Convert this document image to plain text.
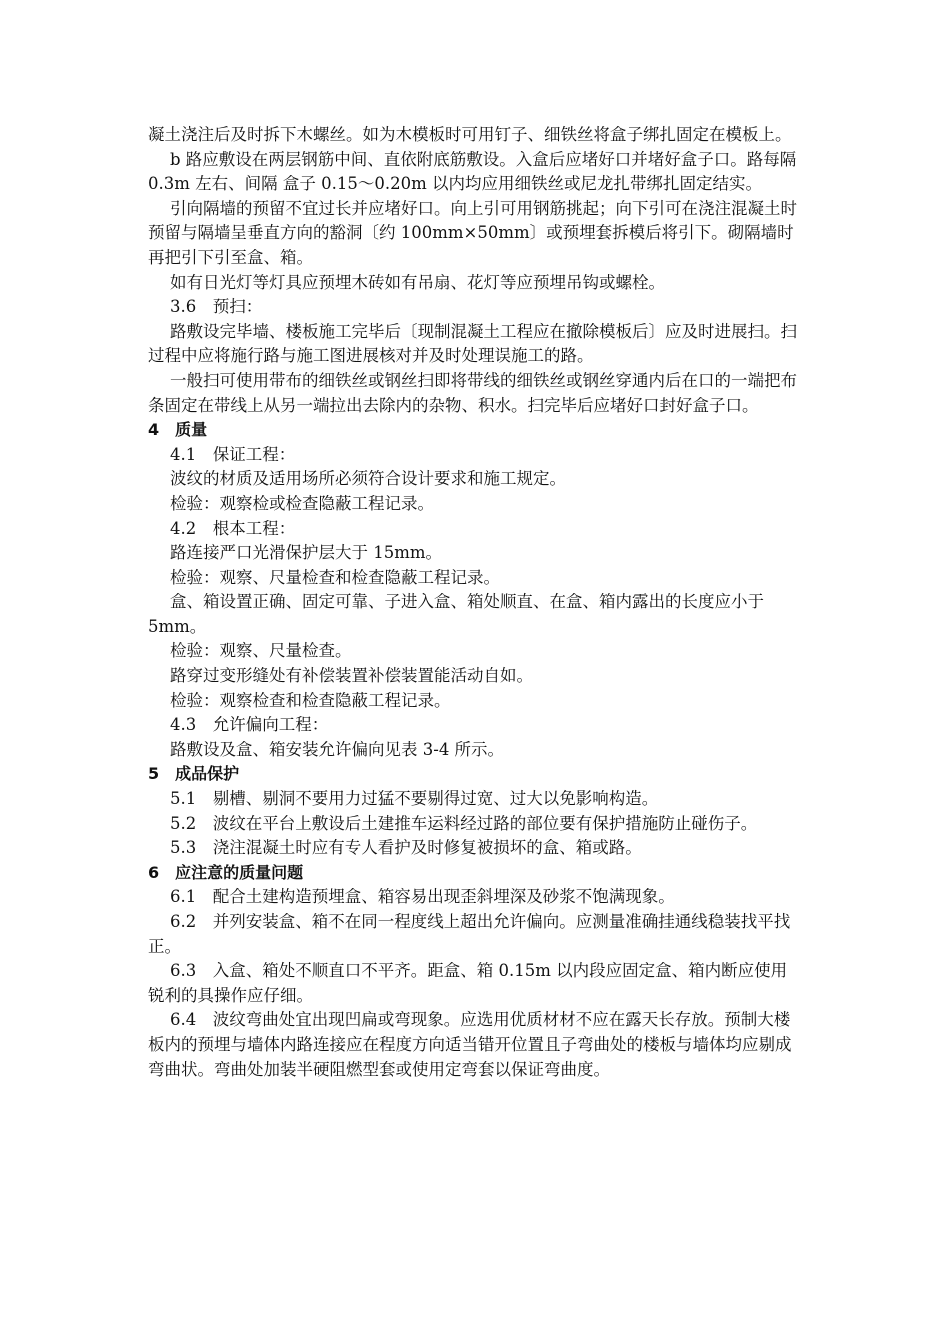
凝土浇注后及时拆下木螺丝。如为木模板时可用钉子、细铁丝将盒子绑扎固定在模板上。

b 路应敷设在两层钢筋中间、直依附底筋敷设。入盒后应堵好口并堵好盒子口。路每隔 0.3m 左右、间隔 盒子 0.15～0.20m 以内均应用细铁丝或尼龙扎带绑扎固定结实。

引向隔墙的预留不宜过长并应堵好口。向上引可用钢筋挑起；向下引可在浇注混凝土时预留与隔墙呈垂直方向的豁洞〔约 100mm×50mm〕或预埋套拆模后将引下。砌隔墙时再把引下引至盒、箱。

如有日光灯等灯具应预埋木砖如有吊扇、花灯等应预埋吊钩或螺栓。

3.6　预扫：

路敷设完毕墙、楼板施工完毕后〔现制混凝土工程应在撤除模板后〕应及时进展扫。扫过程中应将施行路与施工图进展核对并及时处理误施工的路。

一般扫可使用带布的细铁丝或钢丝扫即将带线的细铁丝或钢丝穿通内后在口的一端把布条固定在带线上从另一端拉出去除内的杂物、积水。扫完毕后应堵好口封好盒子口。

4　质量

4.1　保证工程：

波纹的材质及适用场所必须符合设计要求和施工规定。

检验：观察检或检查隐蔽工程记录。

4.2　根本工程：

路连接严口光滑保护层大于 15mm。

检验：观察、尺量检查和检查隐蔽工程记录。

盒、箱设置正确、固定可靠、子进入盒、箱处顺直、在盒、箱内露出的长度应小于 5mm。

检验：观察、尺量检查。

路穿过变形缝处有补偿装置补偿装置能活动自如。

检验：观察检查和检查隐蔽工程记录。

4.3　允许偏向工程：

路敷设及盒、箱安装允许偏向见表 3-4 所示。

5　成品保护

5.1　剔槽、剔洞不要用力过猛不要剔得过宽、过大以免影响构造。

5.2　波纹在平台上敷设后土建推车运料经过路的部位要有保护措施防止碰伤子。

5.3　浇注混凝土时应有专人看护及时修复被损坏的盒、箱或路。

6　应注意的质量问题

6.1　配合土建构造预埋盒、箱容易出现歪斜埋深及砂浆不饱满现象。

6.2　并列安装盒、箱不在同一程度线上超出允许偏向。应测量准确挂通线稳装找平找正。

6.3　入盒、箱处不顺直口不平齐。距盒、箱 0.15m 以内段应固定盒、箱内断应使用锐利的具操作应仔细。

6.4　波纹弯曲处宜出现凹扁或弯现象。应选用优质材材不应在露天长存放。预制大楼板内的预埋与墙体内路连接应在程度方向适当错开位置且子弯曲处的楼板与墙体均应剔成弯曲状。弯曲处加装半硬阻燃型套或使用定弯套以保证弯曲度。
